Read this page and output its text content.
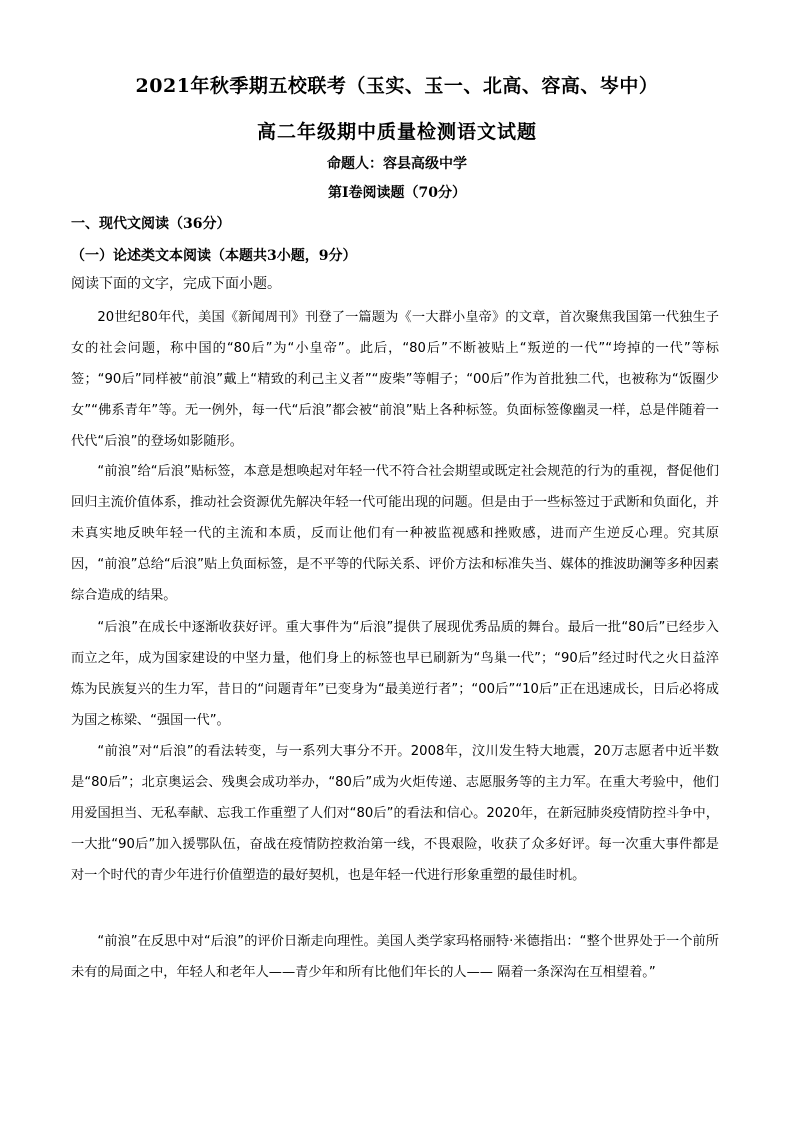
2021年秋季期五校联考（玉实、玉一、北高、容高、岑中）
高二年级期中质量检测语文试题
命题人：容县高级中学
第Ⅰ卷阅读题（70分）
一、现代文阅读（36分）
（一）论述类文本阅读（本题共3小题，9分）
阅读下面的文字，完成下面小题。

20世纪80年代，美国《新闻周刊》刊登了一篇题为《一大群小皇帝》的文章，首次聚焦我国第一代独生子女的社会问题，称中国的“80后”为“小皇帝”。此后，“80后”不断被贴上“叛逆的一代”“垮掉的一代”等标签；“90后”同样被“前浪”戴上“精致的利己主义者”“废柴”等帽子；“00后”作为首批独二代，也被称为“饭圈少女”“佛系青年”等。无一例外，每一代“后浪”都会被“前浪”贴上各种标签。负面标签像幽灵一样，总是伴随着一代代“后浪”的登场如影随形。

“前浪”给“后浪”贴标签，本意是想唤起对年轻一代不符合社会期望或既定社会规范的行为的重视，督促他们回归主流价值体系，推动社会资源优先解决年轻一代可能出现的问题。但是由于一些标签过于武断和负面化，并未真实地反映年轻一代的主流和本质，反而让他们有一种被监视感和挫败感，进而产生逆反心理。究其原因，“前浪”总给“后浪”贴上负面标签，是不平等的代际关系、评价方法和标准失当、媒体的推波助澜等多种因素综合造成的结果。

“后浪”在成长中逐渐收获好评。重大事件为“后浪”提供了展现优秀品质的舞台。最后一批“80后”已经步入而立之年，成为国家建设的中坚力量，他们身上的标签也早已刷新为“鸟巢一代”；“90后”经过时代之火日益淬炼为民族复兴的生力军，昔日的“问题青年”已变身为“最美逆行者”；“00后”“10后”正在迅速成长，日后必将成为国之栋梁、“强国一代”。

“前浪”对“后浪”的看法转变，与一系列大事分不开。2008年，汶川发生特大地震，20万志愿者中近半数是“80后”；北京奥运会、残奥会成功举办，“80后”成为火炬传递、志愿服务等的主力军。在重大考验中，他们用爱国担当、无私奉献、忘我工作重塑了人们对“80后”的看法和信心。2020年，在新冠肺炎疫情防控斗争中，一大批“90后”加入援鄂队伍，奋战在疫情防控救治第一线，不畏艰险，收获了众多好评。每一次重大事件都是对一个时代的青少年进行价值塑造的最好契机，也是年轻一代进行形象重塑的最佳时机。

“前浪”在反思中对“后浪”的评价日渐走向理性。美国人类学家玛格丽特·米德指出：“整个世界处于一个前所未有的局面之中，年轻人和老年人——青少年和所有比他们年长的人—— 隔着一条深沟在互相望着。”
